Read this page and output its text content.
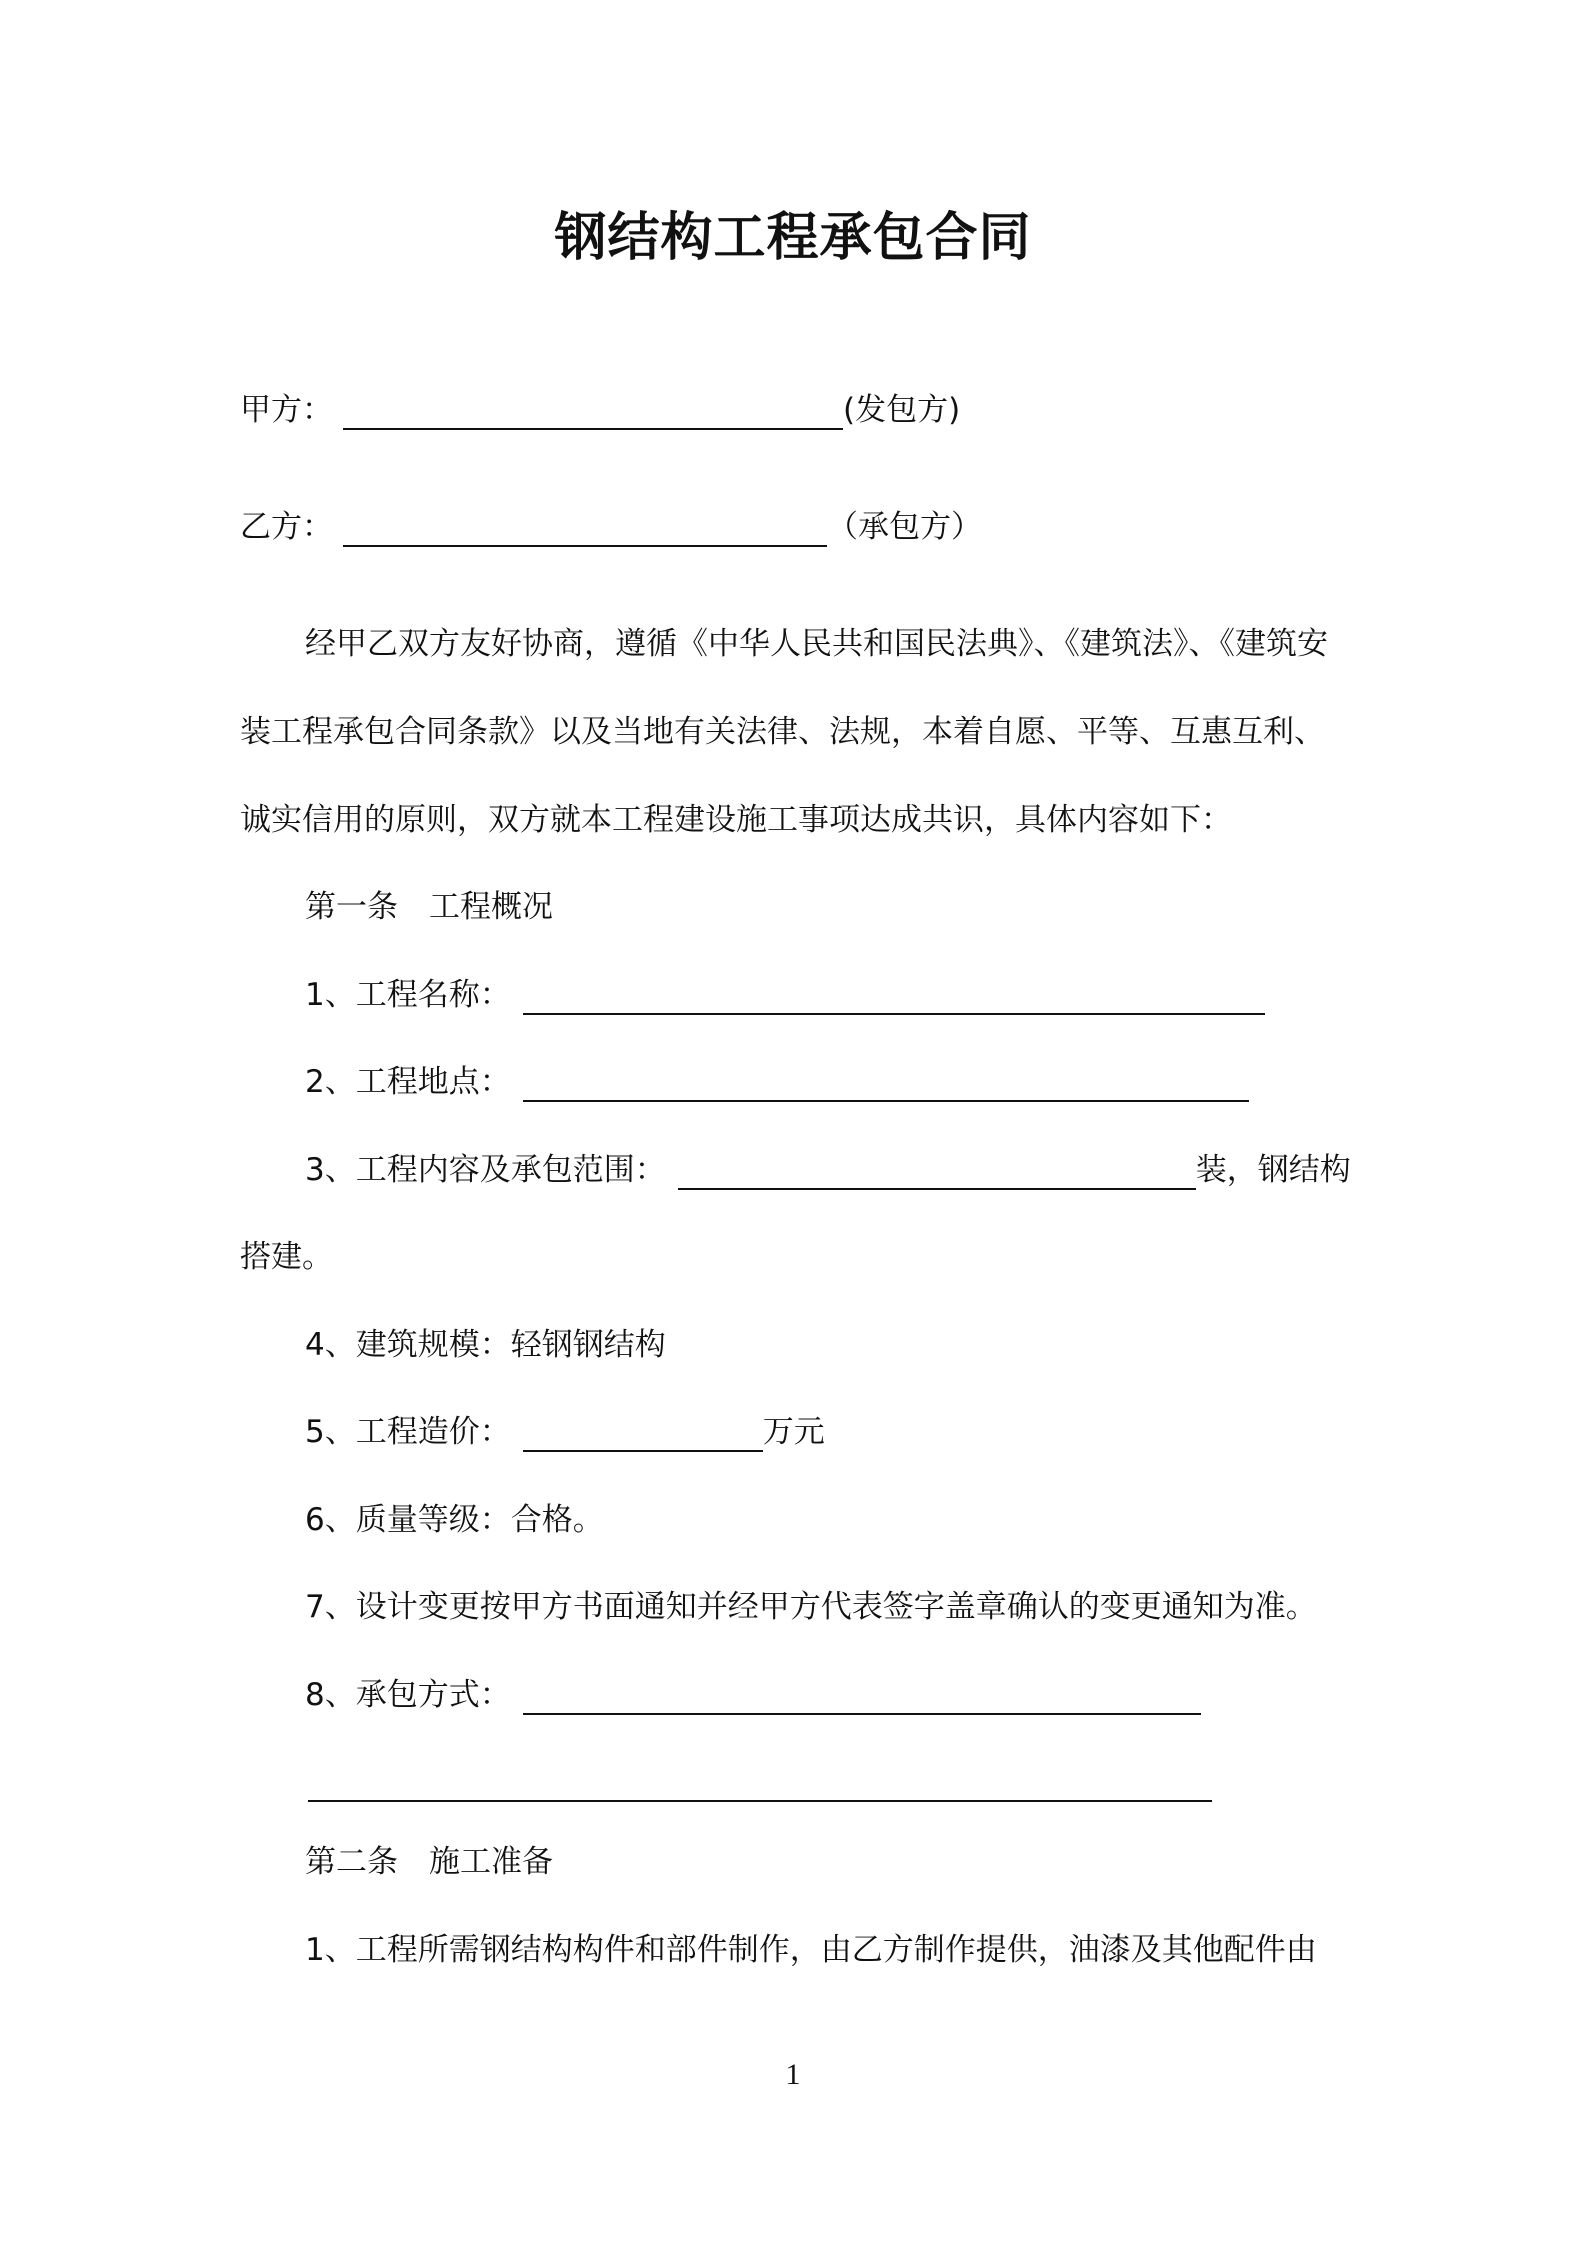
钢结构工程承包合同
甲方：	(发包方)
乙方：	（承包方）
经甲乙双方友好协商，遵循《中华人民共和国民法典》、《建筑法》、《建筑安
装工程承包合同条款》以及当地有关法律、法规，本着自愿、平等、互惠互利、
诚实信用的原则，双方就本工程建设施工事项达成共识，具体内容如下：
第一条　工程概况
1、工程名称：
2、工程地点：
3、工程内容及承包范围：	装，钢结构
搭建。
4、建筑规模：轻钢钢结构
5、工程造价：	万元
6、质量等级：合格。
7、设计变更按甲方书面通知并经甲方代表签字盖章确认的变更通知为准。
8、承包方式：
第二条　施工准备
1、工程所需钢结构构件和部件制作，由乙方制作提供，油漆及其他配件由
1
